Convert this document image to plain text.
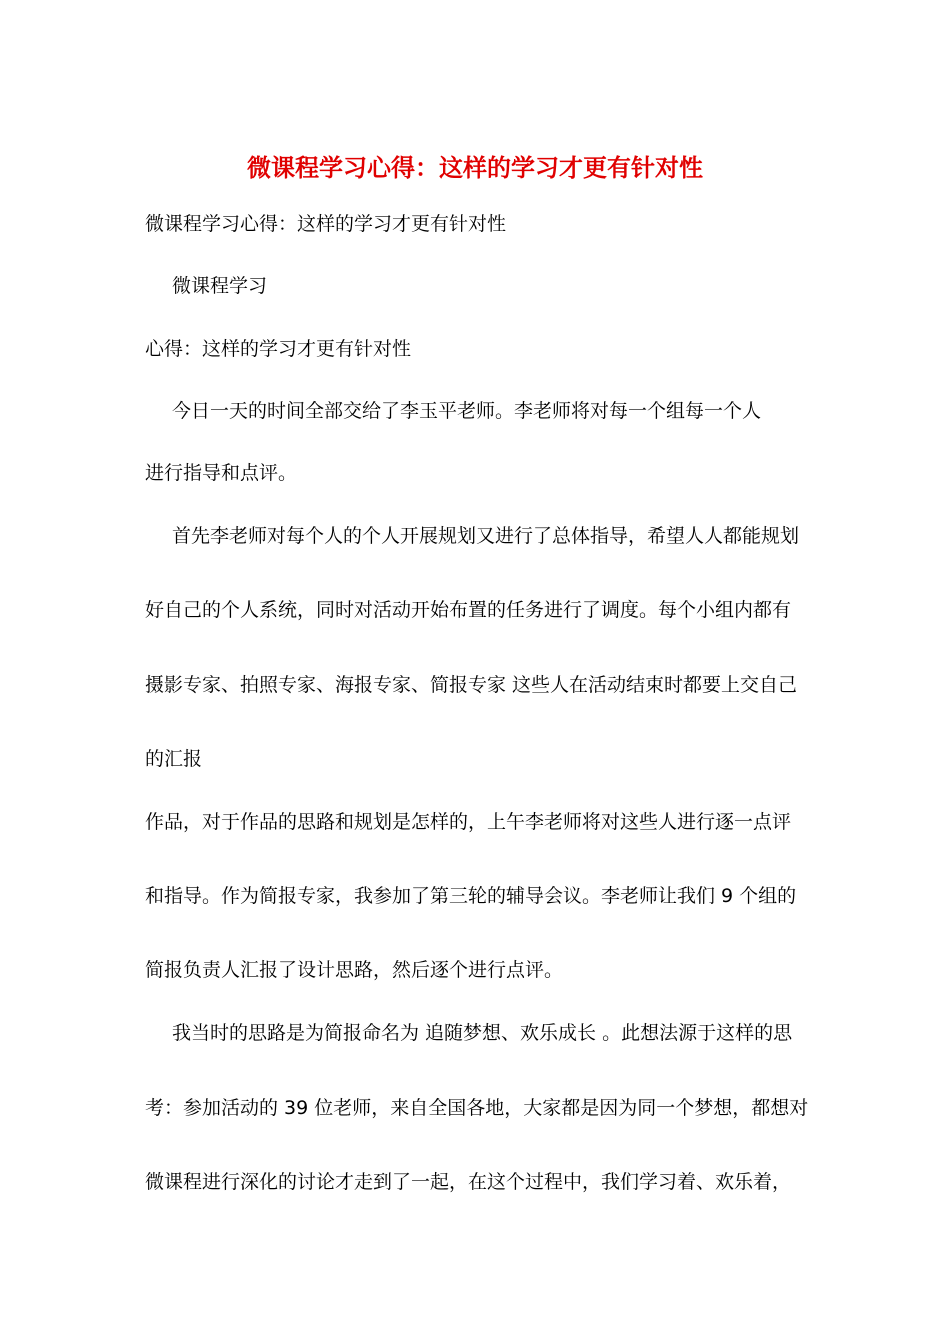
微课程学习心得：这样的学习才更有针对性
微课程学习心得：这样的学习才更有针对性
微课程学习
心得：这样的学习才更有针对性
今日一天的时间全部交给了李玉平老师。李老师将对每一个组每一个人
进行指导和点评。
首先李老师对每个人的个人开展规划又进行了总体指导，希望人人都能规划
好自己的个人系统，同时对活动开始布置的任务进行了调度。每个小组内都有
摄影专家、拍照专家、海报专家、简报专家 这些人在活动结束时都要上交自己
的汇报
作品，对于作品的思路和规划是怎样的，上午李老师将对这些人进行逐一点评
和指导。作为简报专家，我参加了第三轮的辅导会议。李老师让我们 9 个组的
简报负责人汇报了设计思路，然后逐个进行点评。
我当时的思路是为简报命名为 追随梦想、欢乐成长 。此想法源于这样的思
考：参加活动的 39 位老师，来自全国各地，大家都是因为同一个梦想，都想对
微课程进行深化的讨论才走到了一起，在这个过程中，我们学习着、欢乐着，
